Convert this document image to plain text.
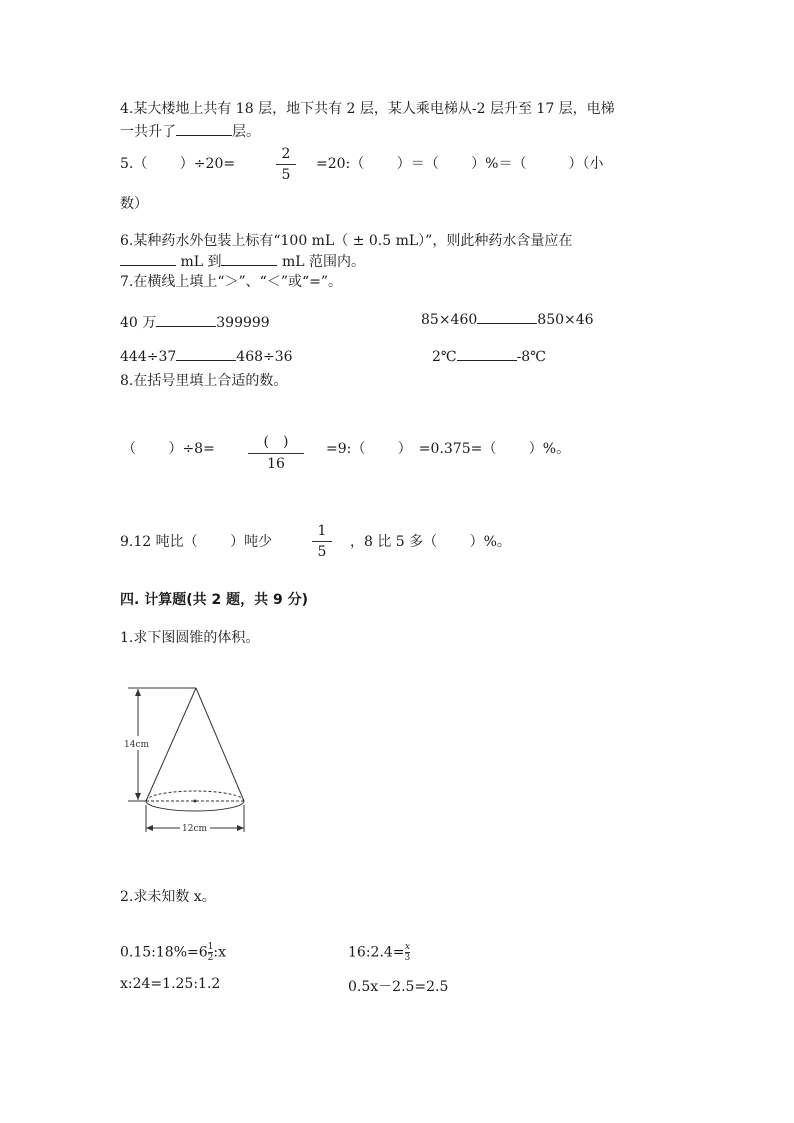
4.某大楼地上共有 18 层，地下共有 2 层，某人乘电梯从-2 层升至 17 层，电梯
一共升了	层。
5.（　　 ）÷20=
2
5
=20:（　　 ）＝（　　 ）%＝（　　　）（小
数）
6.某种药水外包装上标有“100 mL（ ± 0.5 mL）”，则此种药水含量应在
mL 到	mL 范围内。
7.在横线上填上“＞”、“＜”或“=”。
40 万	399999	85×460	850×46
444÷37	468÷36	2℃	-8℃
8.在括号里填上合适的数。
（　　 ）÷8=	(　)
16
=9:（　　 ）　=0.375=（　　 ）%。
9.12 吨比（　　 ）吨少
1
5
，8 比 5 多（　　 ）%。
四. 计算题(共 2 题，共 9 分)
1.求下图圆锥的体积。
14cm
12cm
2.求未知数 x。
0.15:18%=6 $\frac{1}{2}$ :x	16:2.4= $\frac{x}{3}$
x:24=1.25:1.2	0.5x－2.5=2.5
